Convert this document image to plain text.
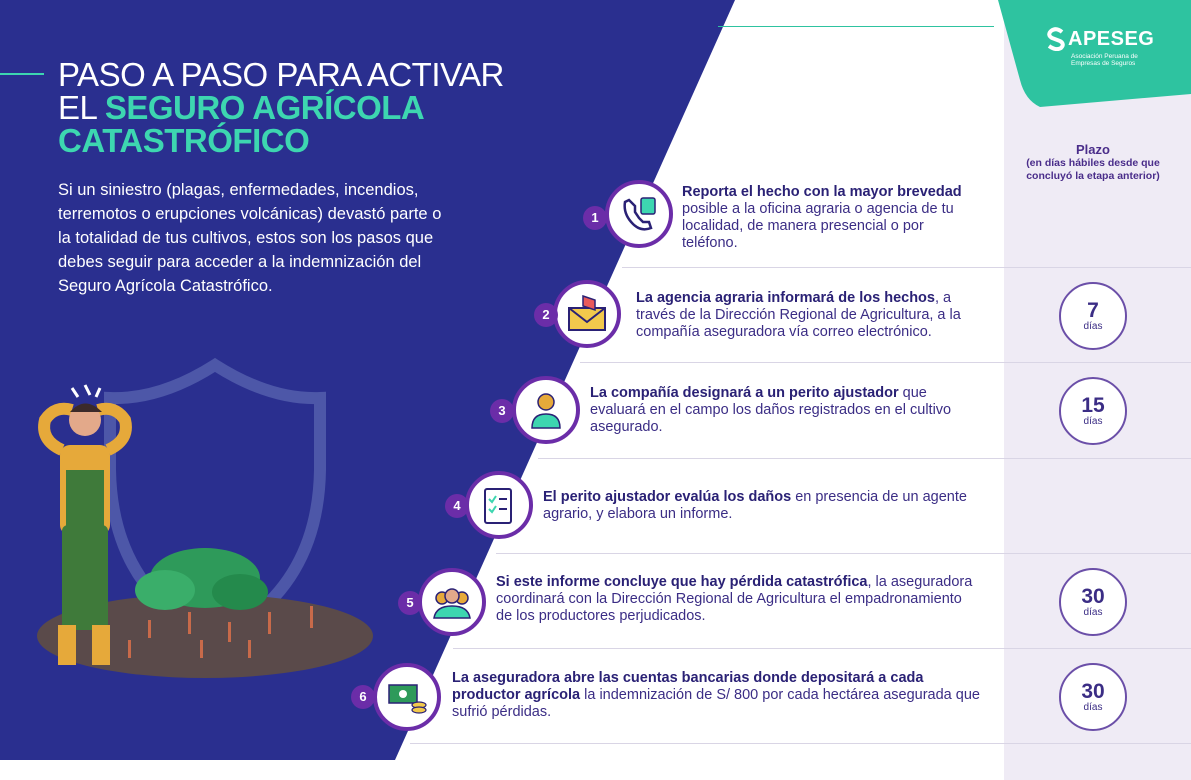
PASO A PASO PARA ACTIVAR
EL SEGURO AGRÍCOLA
CATASTRÓFICO

Si un siniestro (plagas, enfermedades, incendios, terremotos o erupciones volcánicas) devastó parte o la totalidad de tus cultivos, estos son los pasos que debes seguir para acceder a la indemnización del Seguro Agrícola Catastrófico.

APESEG
Asociación Peruana de Empresas de Seguros
Plazo
(en días hábiles desde que concluyó la etapa anterior)
1

Reporta el hecho con la mayor brevedad posible a la oficina agraria o agencia de tu localidad, de manera presencial o por teléfono.

2

La agencia agraria informará de los hechos, a través de la Dirección Regional de Agricultura, a la compañía aseguradora vía correo electrónico.

7
días
3

La compañía designará a un perito ajustador que evaluará en el campo los daños registrados en el cultivo asegurado.

15
días
4

El perito ajustador evalúa los daños en presencia de un agente agrario, y elabora un informe.

5

Si este informe concluye que hay pérdida catastrófica, la aseguradora coordinará con la Dirección Regional de Agricultura el empadronamiento de los productores perjudicados.

30
días
6

La aseguradora abre las cuentas bancarias donde depositará a cada productor agrícola la indemnización de S/ 800 por cada hectárea asegurada que sufrió pérdidas.

30
días
